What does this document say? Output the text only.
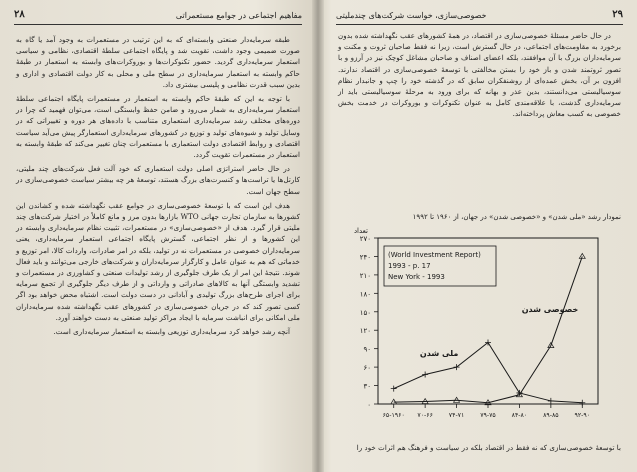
۲۸	مفاهیم اجتماعی در جوامع مستعمراتی

طبقه سرمایه‌دار صنعتی وابسته‌ای که به این ترتیب در مستعمرات به وجود آمد یا گاه به صورت ضمیمی وجود داشت، تقویت شد و پایگاه اجتماعی سلطهٔ اقتصادی، نظامی و سیاسی استعمار سرمایه‌داری گردید. حضور تکنوکرات‌ها و بوروکرات‌های وابسته به استعمار در طبقهٔ حاکم وابسته به استعمار سرمایه‌داری در سطح ملی و محلی به کار دولت اقتصادی و اداری و بدین سبب قدرت نظامی و پلیسی بیشتری داد.

با توجه به این که طبقهٔ حاکم وابسته به استعمار در مستعمرات پایگاه اجتماعی سلطهٔ استعمار سرمایه‌داری به شمار می‌رود و ضامن حفظ وابستگی است، می‌توان فهمید که چرا در دوره‌های مختلف رشد سرمایه‌داری استعماری متناسب با داده‌های هر دوره و تغییراتی که در وسایل تولید و شیوه‌های تولید و توزیع در کشورهای سرمایه‌داری استعمارگر پیش می‌آید سیاست اقتصادی و روابط اقتصادی دولت استعماری با مستعمرات چنان تغییر می‌کند که طبقهٔ وابسته به استعمار در مستعمرات تقویت گردد.

در حال حاضر استراتژی اصلی دولت استعماری که خود آلت فعل شرکت‌های چند ملیتی، کارتل‌ها یا تراست‌ها و کنسرت‌های بزرگ هستند، توسعهٔ هر چه بیشتر سیاست خصوصی‌سازی در سطح جهان است.

هدف این است که با توسعهٔ خصوصی‌سازی در جوامع عقب نگهداشته شده و کشاندن این کشورها به سازمان تجارت جهانی WTO بازارها بدون مرز و مانع کاملاً در اختیار شرکت‌های چند ملیتی قرار گیرد. هدف از «خصوصی‌سازی» در مستعمرات، تثبیت نظام سرمایه‌داری وابسته در این کشورها و از نظر اجتماعی، گسترش پایگاه اجتماعی استعمار سرمایه‌داری، یعنی سرمایه‌داران خصوصی در مستعمرات نه در تولید، بلکه در امر صادرات، واردات کالا، امر توزیع و خدماتی که هم به عنوان عامل و کارگزار سرمایه‌داران و شرکت‌های خارجی می‌توانند و باید فعال شوند. نتیجهٔ این امر از یک طرف جلوگیری از رشد تولیدات صنعتی و کشاورزی در مستعمرات و تشدید وابستگی آنها به کالاهای صادراتی و وارداتی و از طرف دیگر جلوگیری از تجمع سرمایه برای اجرای طرح‌های بزرگ تولیدی و آبادانی در دست دولت است. اشتباه محض خواهد بود اگر کسی تصور کند که در جریان خصوصی‌سازی در کشورهای عقب نگهداشته شده سرمایه‌داران ملی امکانی برای انباشت سرمایه با ایجاد مراکز تولید صنعتی به دست خواهند آورد.

آنچه رشد خواهد کرد سرمایه‌داری توزیعی وابسته به استعمار سرمایه‌داری است.

۲۹
خصوصی‌سازی، خواست شرکت‌های چندملیتی

در حال حاضر مسئلهٔ خصوصی‌سازی در اقتصاد، در همهٔ کشورهای عقب نگهداشته شده بدون برخورد به مقاومت‌های اجتماعی، در حال گسترش است، زیرا نه فقط صاحبان ثروت و مکنت و سرمایه‌داران بزرگ با آن موافقند، بلکه اعضای اصناف و صاحبان مشاغل کوچک نیز در آرزو و با تصور ثروتمند شدن و باز خود را بستن مخالفتی با توسعهٔ خصوصی‌سازی در اقتصاد ندارند. افزون بر آن، بخش عمده‌ای از روشنفکران سابق که در گذشته خود را چپ و جانبدار نظام سوسیالیستی می‌دانستند، بدین عذر و بهانه که برای ورود به مرحلهٔ سوسیالیستی باید از سرمایه‌داری گذشت، با علاقه‌مندی کامل به عنوان تکنوکرات و بوروکرات در خدمت بخش خصوصی به کسب معاش پرداخته‌اند.

نمودار رشد «ملی شدن» و «خصوصی شدن» در جهان، از ۱۹۶۰ تا ۱۹۹۲
با توسعهٔ خصوصی‌سازی که نه فقط در اقتصاد بلکه در سیاست و فرهنگ هم اثرات خود را
۰
۳۰
۶۰
۹۰
۱۲۰
۱۵۰
۱۸۰
۲۱۰
۲۴۰
۲۷۰
تعداد
۶۵-۱۹۶۰ ۷۰-۶۶	۷۴-۷۱	۷۹-۷۵	۸۴-۸۰	۸۹-۸۵	۹۲-۹۰
(World Investment Report)
1993 - p. 17
New York - 1993
خصوصی شدن
ملی شدن
